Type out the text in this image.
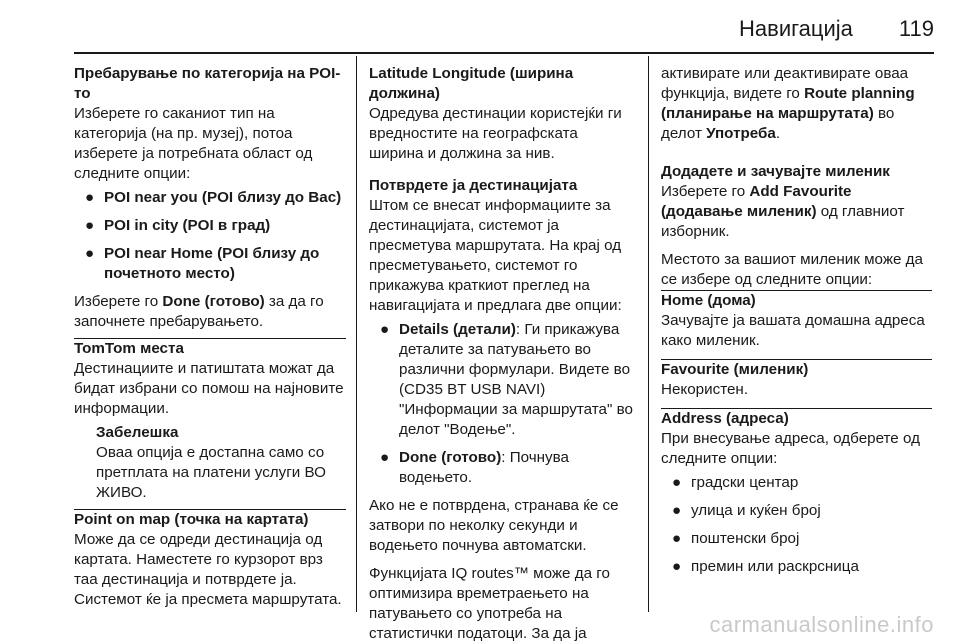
Навигација 119

Пребарување по категорија на POI-то

Изберете го саканиот тип на категорија (на пр. музеј), потоа изберете ја потребната област од следните опции:

● POI near you (POI близу до Вас)
● POI in city (POI в град)
● POI near Home (POI близу до почетното место)

Изберете го Done (готово) за да го започнете пребарувањето.

TomTom места

Дестинациите и патиштата можат да бидат избрани со помош на најновите информации.

Забелешка

Оваа опција е достапна само со претплата на платени услуги ВО ЖИВО.

Point on map (точка на картата)

Може да се одреди дестинација од картата. Наместете го курзорот врз таа дестинација и потврдете ја. Системот ќе ја пресмета маршрутата.

Latitude Longitude (ширина должина)

Одредува дестинации користејќи ги вредностите на географската ширина и должина за нив.

Потврдете ја дестинацијата

Штом се внесат информациите за дестинацијата, системот ја пресметува маршрутата. На крај од пресметувањето, системот го прикажува краткиот преглед на навигацијата и предлага две опции:

● Details (детали): Ги прикажува деталите за патувањето во различни формулари. Видете во (CD35 BT USB NAVI) "Информации за маршрутата" во делот "Водење".
● Done (готово): Почнува водењето.

Ако не е потврдена, странава ќе се затвори по неколку секунди и водењето почнува автоматски.

Функцијата IQ routes™ може да го оптимизира времетраењето на патувањето со употреба на статистички податоци. За да ја

активирате или деактивирате оваа функција, видете го Route planning (планирање на маршрутата) во делот Употреба.

Додадете и зачувајте миленик

Изберете го Add Favourite (додавање миленик) од главниот изборник.

Местото за вашиот миленик може да се избере од следните опции:

Home (дома)

Зачувајте ја вашата домашна адреса како миленик.

Favourite (миленик)

Некористен.

Address (адреса)

При внесување адреса, одберете од следните опции:

● градски центар
● улица и куќен број
● поштенски број
● премин или раскрсница
carmanualsonline.info
